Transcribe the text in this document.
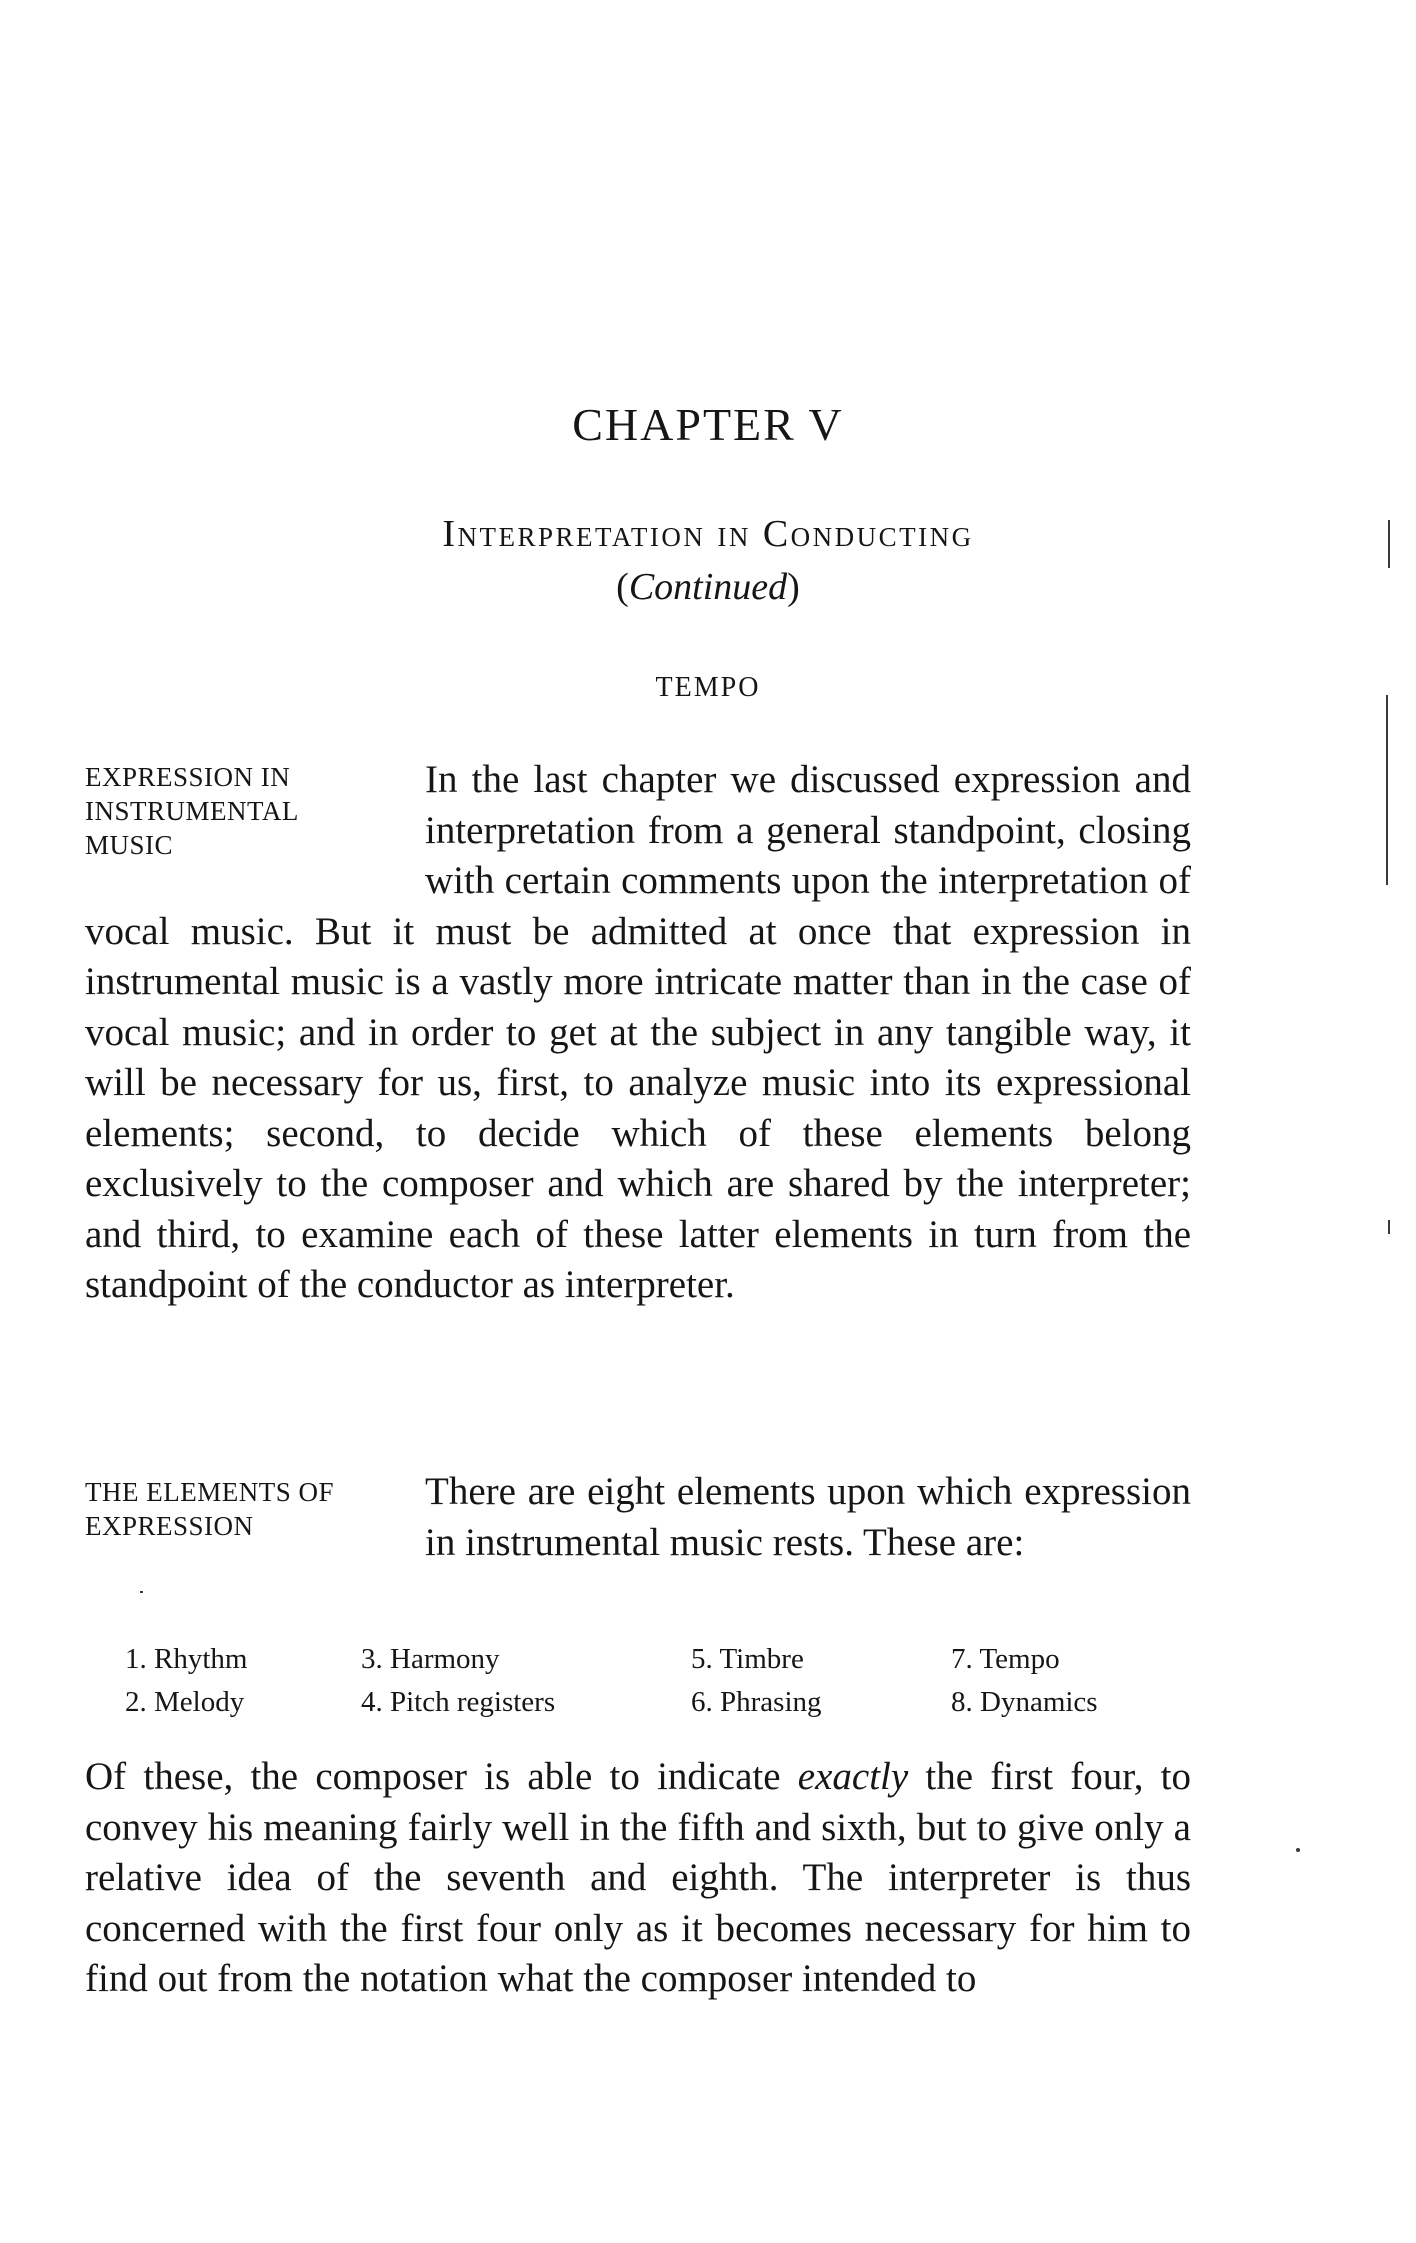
CHAPTER V
Interpretation in Conducting
(Continued)
TEMPO
EXPRESSION IN INSTRUMENTAL MUSIC
In the last chapter we discussed expression and interpretation from a general standpoint, closing with certain comments upon the interpretation of vocal music. But it must be admitted at once that expression in instrumental music is a vastly more intricate matter than in the case of vocal music; and in order to get at the subject in any tangible way, it will be necessary for us, first, to analyze music into its expressional elements; second, to decide which of these elements belong exclusively to the composer and which are shared by the interpreter; and third, to examine each of these latter elements in turn from the standpoint of the conductor as interpreter.
THE ELEMENTS OF EXPRESSION
There are eight elements upon which expression in instrumental music rests. These are:
1. Rhythm	3. Harmony	5. Timbre	7. Tempo
2. Melody	4. Pitch registers	6. Phrasing	8. Dynamics
Of these, the composer is able to indicate exactly the first four, to convey his meaning fairly well in the fifth and sixth, but to give only a relative idea of the seventh and eighth. The interpreter is thus concerned with the first four only as it becomes necessary for him to find out from the notation what the composer intended to
